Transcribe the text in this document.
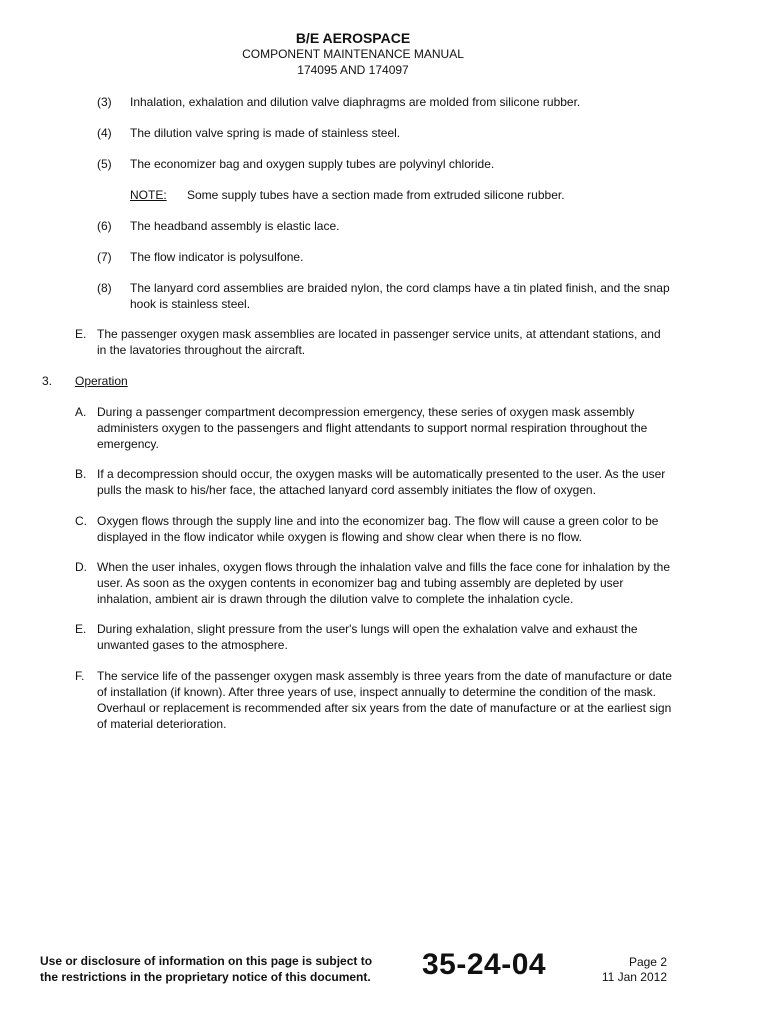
B/E AEROSPACE
COMPONENT MAINTENANCE MANUAL
174095 AND 174097
(3) Inhalation, exhalation and dilution valve diaphragms are molded from silicone rubber.
(4) The dilution valve spring is made of stainless steel.
(5) The economizer bag and oxygen supply tubes are polyvinyl chloride.
NOTE: Some supply tubes have a section made from extruded silicone rubber.
(6) The headband assembly is elastic lace.
(7) The flow indicator is polysulfone.
(8) The lanyard cord assemblies are braided nylon, the cord clamps have a tin plated finish, and the snap hook is stainless steel.
E. The passenger oxygen mask assemblies are located in passenger service units, at attendant stations, and in the lavatories throughout the aircraft.
3. Operation
A. During a passenger compartment decompression emergency, these series of oxygen mask assembly administers oxygen to the passengers and flight attendants to support normal respiration throughout the emergency.
B. If a decompression should occur, the oxygen masks will be automatically presented to the user. As the user pulls the mask to his/her face, the attached lanyard cord assembly initiates the flow of oxygen.
C. Oxygen flows through the supply line and into the economizer bag. The flow will cause a green color to be displayed in the flow indicator while oxygen is flowing and show clear when there is no flow.
D. When the user inhales, oxygen flows through the inhalation valve and fills the face cone for inhalation by the user. As soon as the oxygen contents in economizer bag and tubing assembly are depleted by user inhalation, ambient air is drawn through the dilution valve to complete the inhalation cycle.
E. During exhalation, slight pressure from the user's lungs will open the exhalation valve and exhaust the unwanted gases to the atmosphere.
F. The service life of the passenger oxygen mask assembly is three years from the date of manufacture or date of installation (if known). After three years of use, inspect annually to determine the condition of the mask. Overhaul or replacement is recommended after six years from the date of manufacture or at the earliest sign of material deterioration.
Use or disclosure of information on this page is subject to
the restrictions in the proprietary notice of this document.	35-24-04	Page 2
11 Jan 2012
